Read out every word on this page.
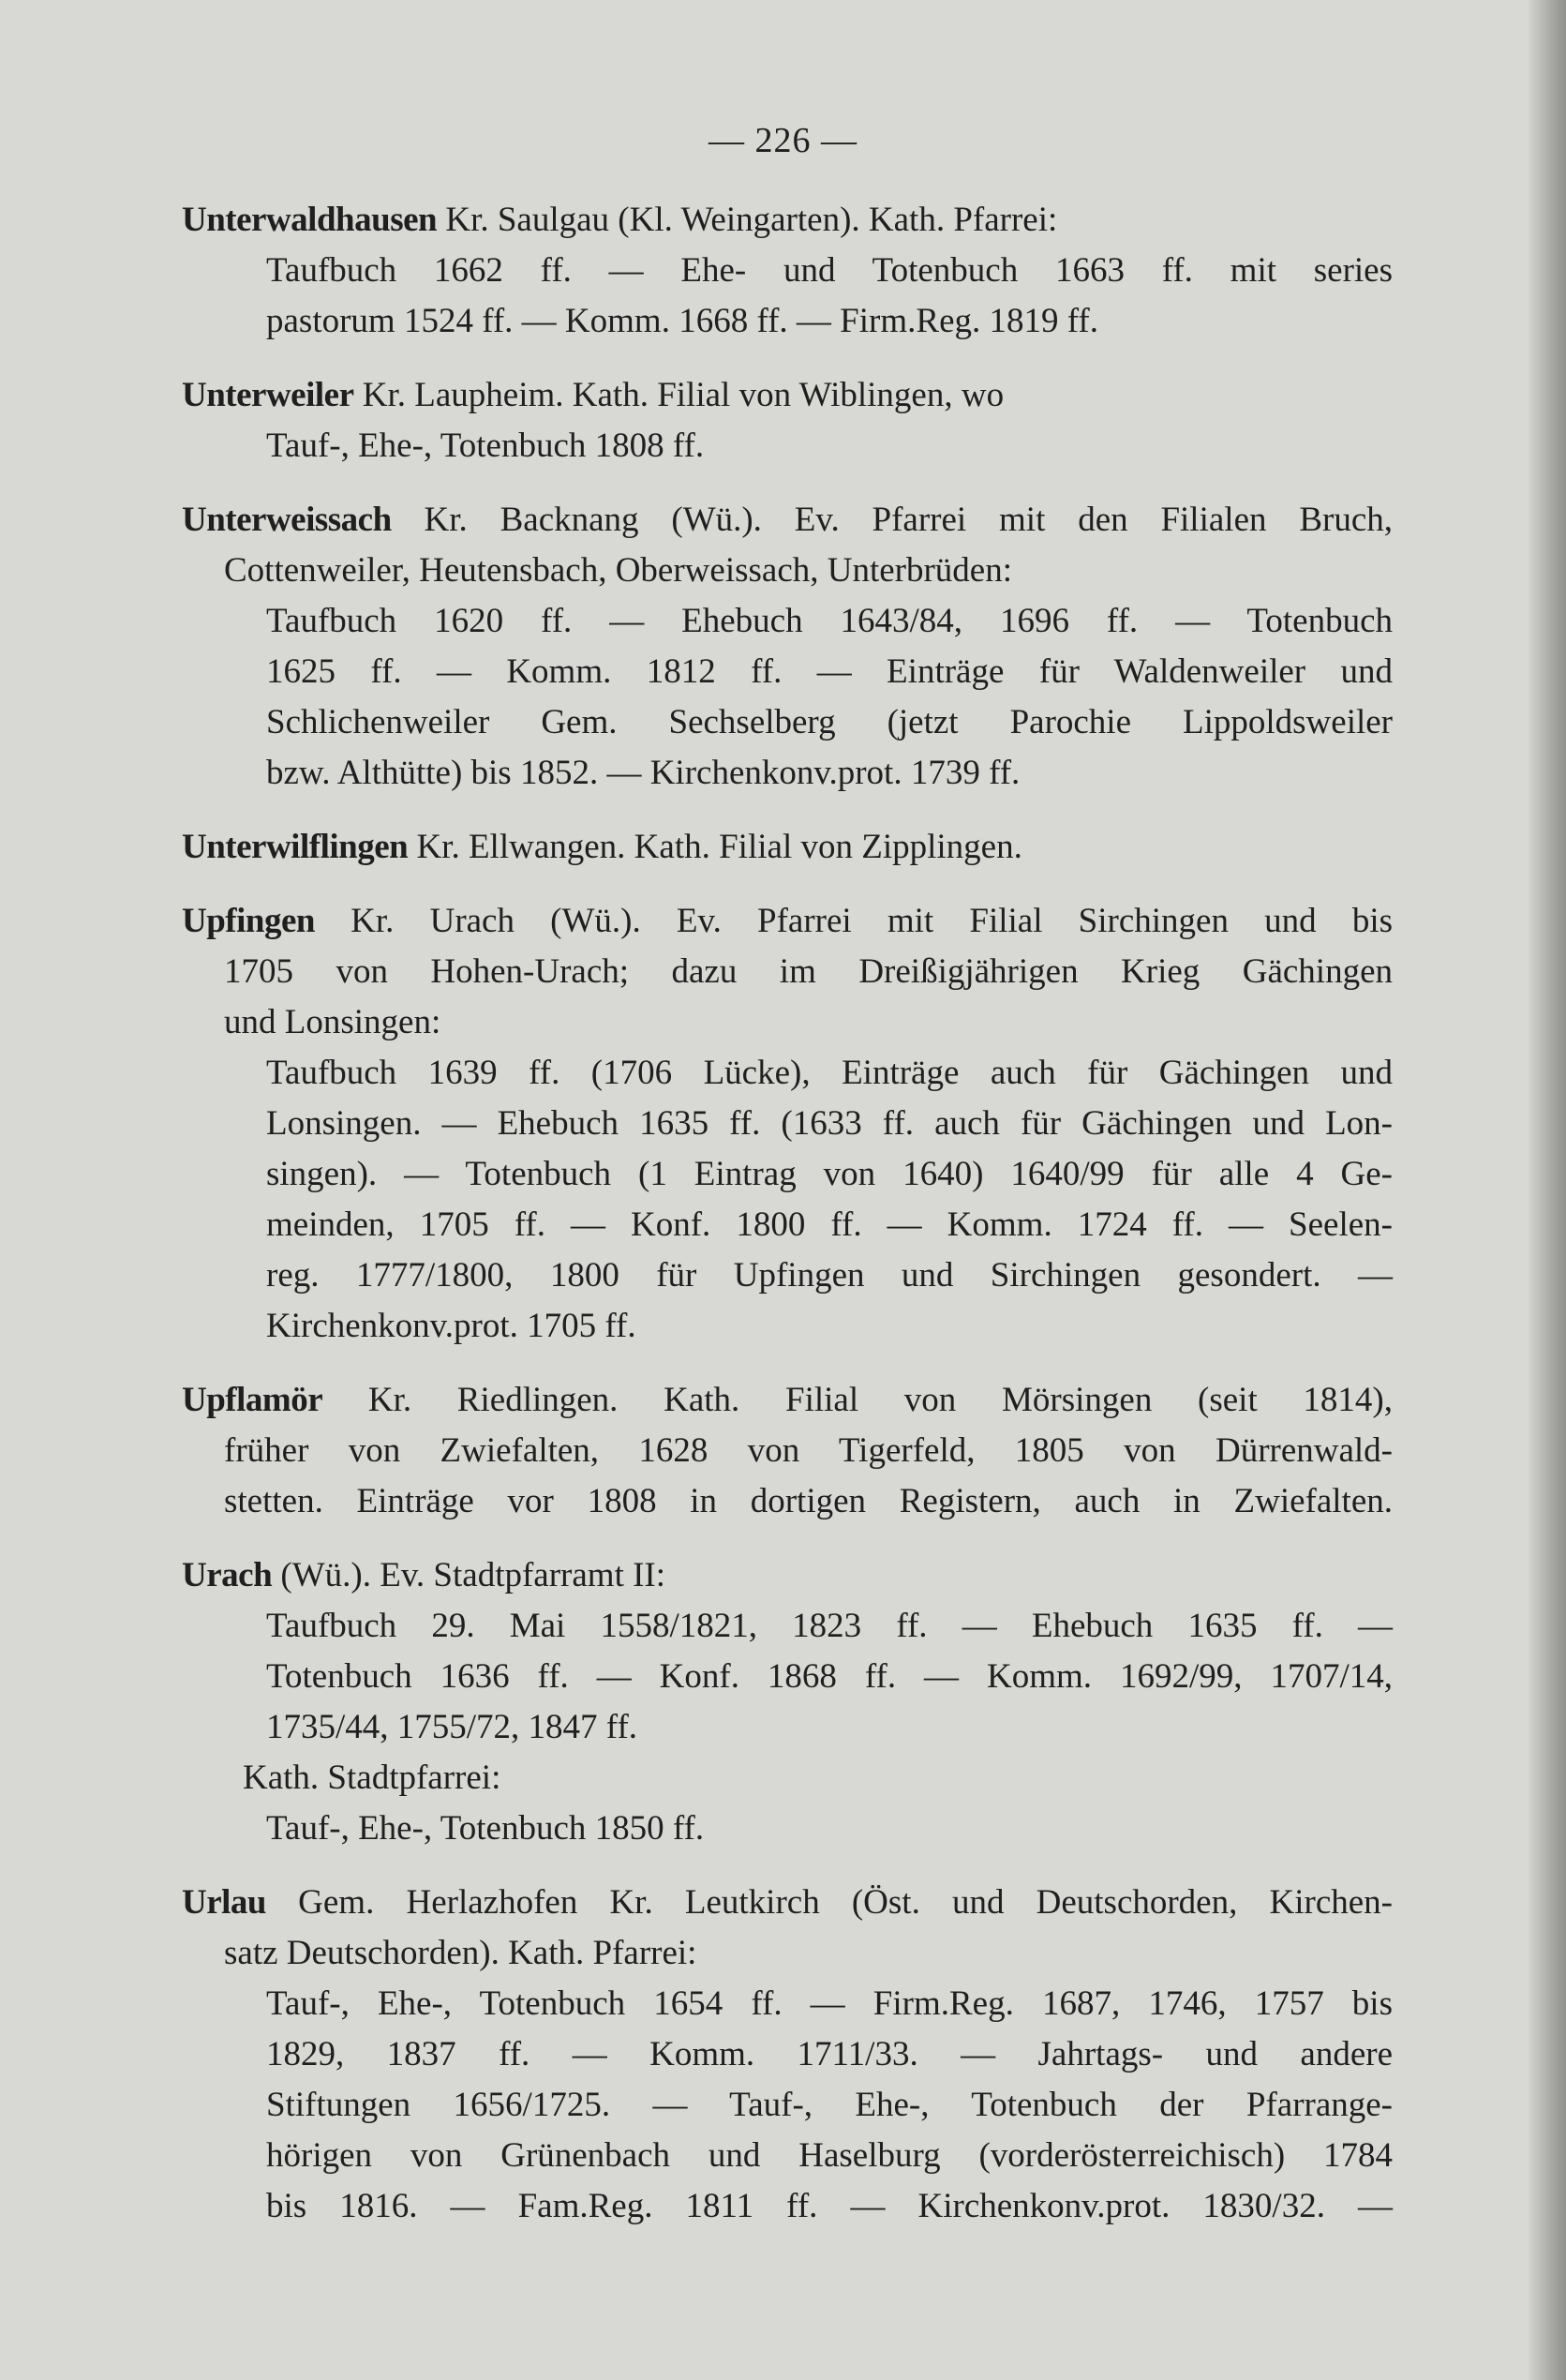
— 226 —
Unterwaldhausen Kr. Saulgau (Kl. Weingarten). Kath. Pfarrei:
Taufbuch 1662 ff. — Ehe- und Totenbuch 1663 ff. mit series
pastorum 1524 ff. — Komm. 1668 ff. — Firm.Reg. 1819 ff.
Unterweiler Kr. Laupheim. Kath. Filial von Wiblingen, wo
Tauf-, Ehe-, Totenbuch 1808 ff.
Unterweissach Kr. Backnang (Wü.). Ev. Pfarrei mit den Filialen Bruch,
Cottenweiler, Heutensbach, Oberweissach, Unterbrüden:
Taufbuch 1620 ff. — Ehebuch 1643/84, 1696 ff. — Totenbuch
1625 ff. — Komm. 1812 ff. — Einträge für Waldenweiler und
Schlichenweiler Gem. Sechselberg (jetzt Parochie Lippoldsweiler
bzw. Althütte) bis 1852. — Kirchenkonv.prot. 1739 ff.
Unterwilflingen Kr. Ellwangen. Kath. Filial von Zipplingen.
Upfingen Kr. Urach (Wü.). Ev. Pfarrei mit Filial Sirchingen und bis
1705 von Hohen-Urach; dazu im Dreißigjährigen Krieg Gächingen
und Lonsingen:
Taufbuch 1639 ff. (1706 Lücke), Einträge auch für Gächingen und
Lonsingen. — Ehebuch 1635 ff. (1633 ff. auch für Gächingen und Lon-
singen). — Totenbuch (1 Eintrag von 1640) 1640/99 für alle 4 Ge-
meinden, 1705 ff. — Konf. 1800 ff. — Komm. 1724 ff. — Seelen-
reg. 1777/1800, 1800 für Upfingen und Sirchingen gesondert. —
Kirchenkonv.prot. 1705 ff.
Upflamör Kr. Riedlingen. Kath. Filial von Mörsingen (seit 1814),
früher von Zwiefalten, 1628 von Tigerfeld, 1805 von Dürrenwald-
stetten. Einträge vor 1808 in dortigen Registern, auch in Zwiefalten.
Urach (Wü.). Ev. Stadtpfarramt II:
Taufbuch 29. Mai 1558/1821, 1823 ff. — Ehebuch 1635 ff. —
Totenbuch 1636 ff. — Konf. 1868 ff. — Komm. 1692/99, 1707/14,
1735/44, 1755/72, 1847 ff.
Kath. Stadtpfarrei:
Tauf-, Ehe-, Totenbuch 1850 ff.
Urlau Gem. Herlazhofen Kr. Leutkirch (Öst. und Deutschorden, Kirchen-
satz Deutschorden). Kath. Pfarrei:
Tauf-, Ehe-, Totenbuch 1654 ff. — Firm.Reg. 1687, 1746, 1757 bis
1829, 1837 ff. — Komm. 1711/33. — Jahrtags- und andere
Stiftungen 1656/1725. — Tauf-, Ehe-, Totenbuch der Pfarrange-
hörigen von Grünenbach und Haselburg (vorderösterreichisch) 1784
bis 1816. — Fam.Reg. 1811 ff. — Kirchenkonv.prot. 1830/32. —
